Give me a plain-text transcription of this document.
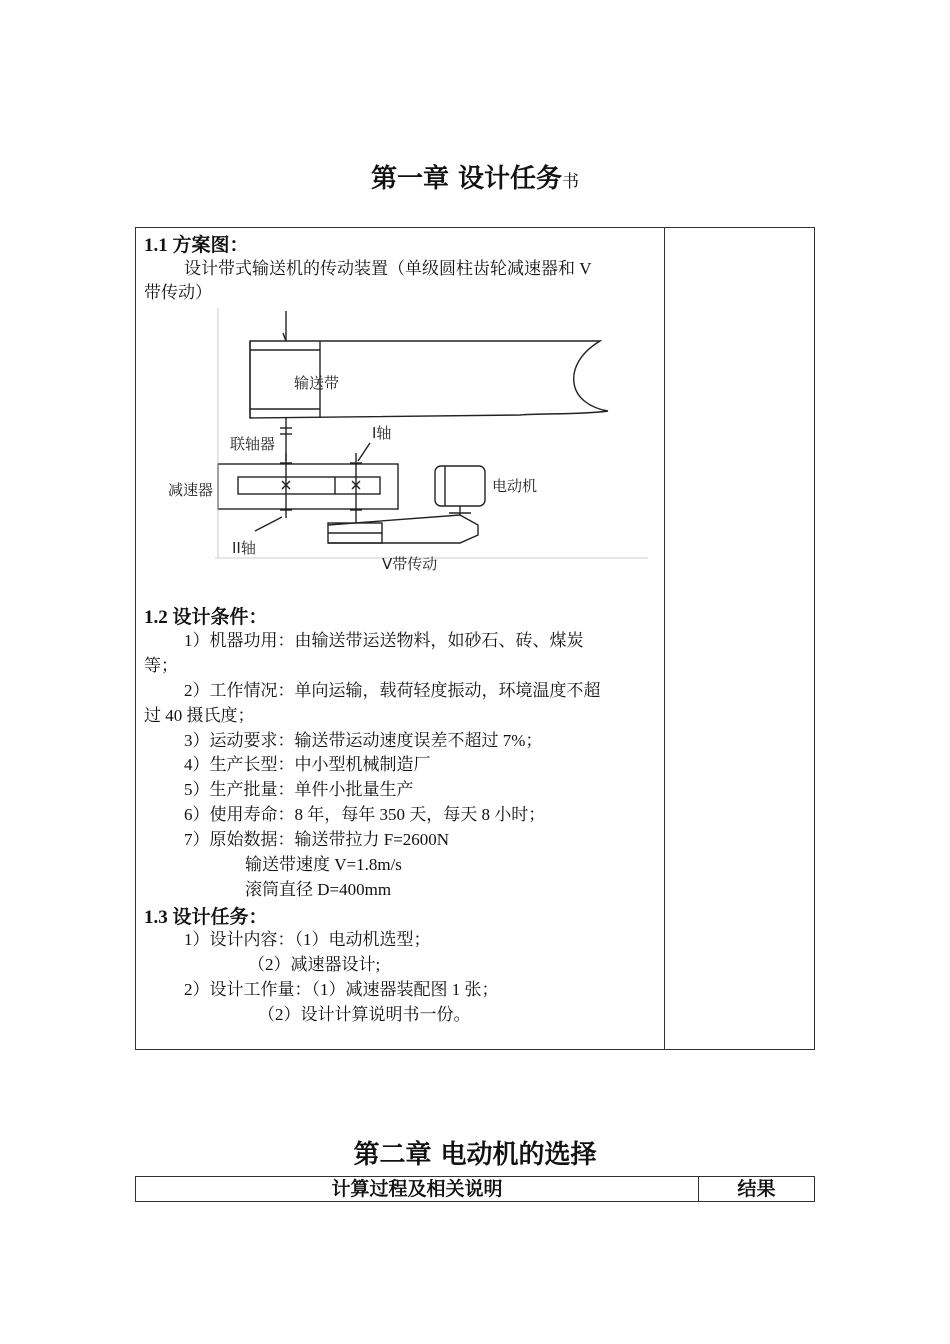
第一章 设计任务书
1.1 方案图：
设计带式输送机的传动装置（单级圆柱齿轮减速器和 V
带传动）
输送带
联轴器
I轴
减速器	电动机
II轴
V带传动
1.2 设计条件：
1）机器功用：由输送带运送物料，如砂石、砖、煤炭
等；
2）工作情况：单向运输，载荷轻度振动，环境温度不超
过 40 摄氏度；
3）运动要求：输送带运动速度误差不超过 7%；
4）生产长型：中小型机械制造厂
5）生产批量：单件小批量生产
6）使用寿命：8 年，每年 350 天，每天 8 小时；
7）原始数据：输送带拉力 F=2600N
输送带速度 V=1.8m/s
滚筒直径 D=400mm
1.3 设计任务：
1）设计内容：（1）电动机选型；
（2）减速器设计;
2）设计工作量：（1）减速器装配图 1 张；
（2）设计计算说明书一份。
第二章 电动机的选择
计算过程及相关说明	结果
